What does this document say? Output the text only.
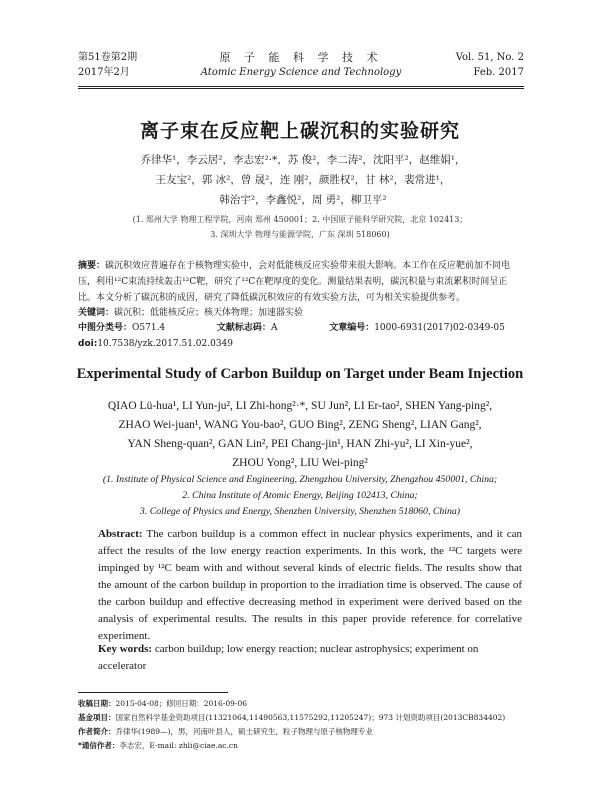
第51卷第2期
2017年2月
原 子 能 科 学 技 术
Atomic Energy Science and Technology
Vol. 51, No. 2
Feb. 2017
离子束在反应靶上碳沉积的实验研究
乔律华¹，李云居²，李志宏²·*，苏 俊²，李二涛²，沈阳平²，赵维娟¹，
王友宝²，郭 冰²，曾 晟²，连 刚²，颜胜权²，甘 林²，裴常进¹，
韩治宇²，李鑫悦²，周 勇²，柳卫平²
(1. 郑州大学 物理工程学院，河南 郑州 450001；2. 中国原子能科学研究院，北京 102413；
3. 深圳大学 物理与能源学院，广东 深圳 518060)
摘要：碳沉积效应普遍存在于核物理实验中，会对低能核反应实验带来很大影响。本工作在反应靶前加不同电压，利用¹²C束流持续轰击¹²C靶，研究了¹²C在靶厚度的变化。测量结果表明，碳沉积量与束流累积时间呈正比。本文分析了碳沉积的成因，研究了降低碳沉积效应的有效实验方法，可为相关实验提供参考。
关键词：碳沉积；低能核反应；核天体物理；加速器实验
中图分类号：O571.4	文献标志码：A	文章编号：1000-6931(2017)02-0349-05
doi:10.7538/yzk.2017.51.02.0349
Experimental Study of Carbon Buildup on Target under Beam Injection
QIAO Lü-hua¹, LI Yun-ju², LI Zhi-hong²·*, SU Jun², LI Er-tao², SHEN Yang-ping²,
ZHAO Wei-juan¹, WANG You-bao², GUO Bing², ZENG Sheng², LIAN Gang²,
YAN Sheng-quan², GAN Lin², PEI Chang-jin¹, HAN Zhi-yu², LI Xin-yue²,
ZHOU Yong², LIU Wei-ping²
(1. Institute of Physical Science and Engineering, Zhengzhou University, Zhengzhou 450001, China;
2. China Institute of Atomic Energy, Beijing 102413, China;
3. College of Physics and Energy, Shenzhen University, Shenzhen 518060, China)
Abstract: The carbon buildup is a common effect in nuclear physics experiments, and it can affect the results of the low energy reaction experiments. In this work, the ¹²C targets were impinged by ¹²C beam with and without several kinds of electric fields. The results show that the amount of the carbon buildup in proportion to the irradiation time is observed. The cause of the carbon buildup and effective decreasing method in experiment were derived based on the analysis of experimental results. The results in this paper provide reference for correlative experiment.
Key words: carbon buildup; low energy reaction; nuclear astrophysics; experiment on accelerator
收稿日期：2015-04-08；修回日期：2016-09-06
基金项目：国家自然科学基金资助项目(11321064,11490563,11575292,11205247)；973 计划资助项目(2013CB834402)
作者简介：乔律华(1989—)，男，河南叶县人，硕士研究生，粒子物理与原子核物理专业
*通信作者：李志宏，E-mail: zhli@ciae.ac.cn
